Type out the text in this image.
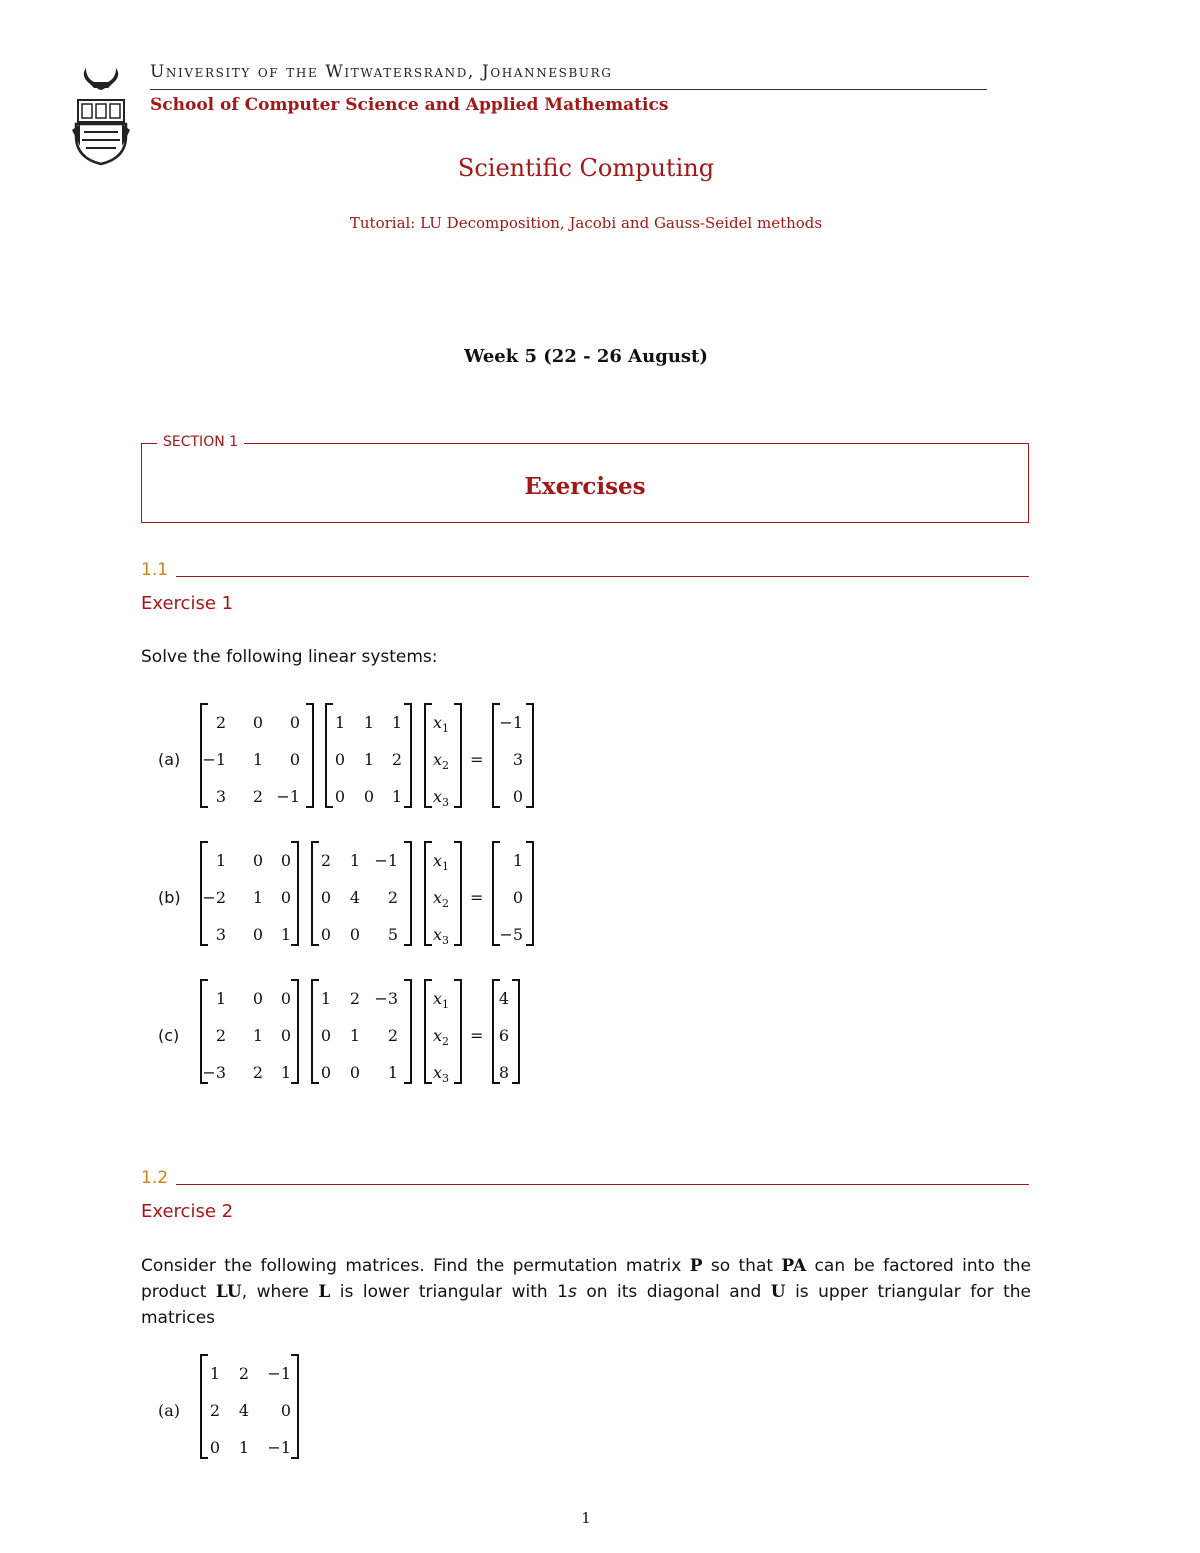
University of the Witwatersrand, Johannesburg
School of Computer Science and Applied Mathematics
Scientific Computing
Tutorial: LU Decomposition, Jacobi and Gauss-Seidel methods
Week 5 (22 - 26 August)
SECTION 1
Exercises
1.1
Exercise 1
Solve the following linear systems:
(a)
2 0 0
−1 1 0
3 2 −1
1 1 1
0 1 2
0 0 1
$x_1$
$x_2$
$x_3$
=
−1
3
0
(b)
1 0 0
−2 1 0
3 0 1
2 1 −1
0 4 2
0 0 5
$x_1$
$x_2$
$x_3$
=
1
0
−5
(c)
1 0 0
2 1 0
−3 2 1
1 2 −3
0 1 2
0 0 1
$x_1$
$x_2$
$x_3$
=
4
6
8
1.2
Exercise 2
Consider the following matrices. Find the permutation matrix P so that PA can be factored into the product LU, where L is lower triangular with 1s on its diagonal and U is upper triangular for the matrices
(a)
1 2 −1
2 4 0
0 1 −1
1
